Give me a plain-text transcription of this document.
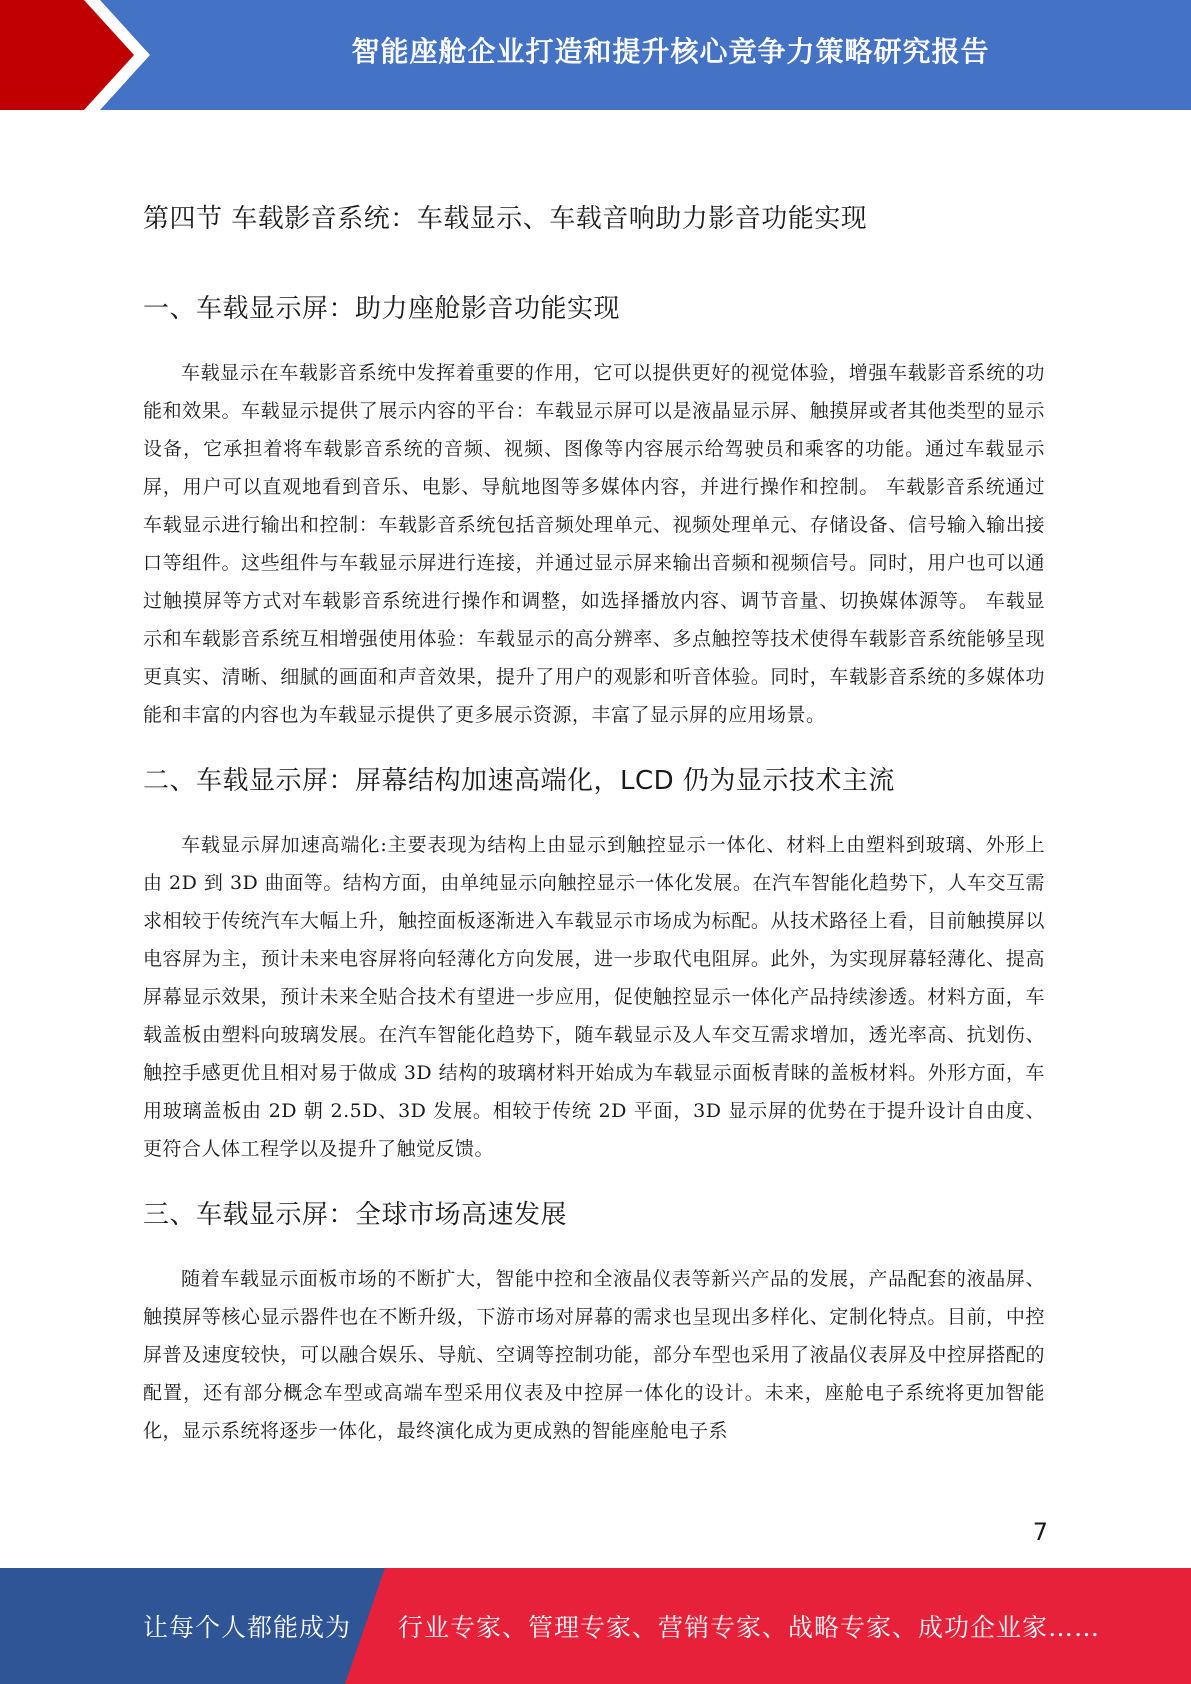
智能座舱企业打造和提升核心竞争力策略研究报告
第四节 车载影音系统：车载显示、车载音响助力影音功能实现
一、车载显示屏：助力座舱影音功能实现

车载显示在车载影音系统中发挥着重要的作用，它可以提供更好的视觉体验，增强车载影音系统的功能和效果。车载显示提供了展示内容的平台：车载显示屏可以是液晶显示屏、触摸屏或者其他类型的显示设备，它承担着将车载影音系统的音频、视频、图像等内容展示给驾驶员和乘客的功能。通过车载显示屏，用户可以直观地看到音乐、电影、导航地图等多媒体内容，并进行操作和控制。 车载影音系统通过车载显示进行输出和控制：车载影音系统包括音频处理单元、视频处理单元、存储设备、信号输入输出接口等组件。这些组件与车载显示屏进行连接，并通过显示屏来输出音频和视频信号。同时，用户也可以通过触摸屏等方式对车载影音系统进行操作和调整，如选择播放内容、调节音量、切换媒体源等。 车载显示和车载影音系统互相增强使用体验：车载显示的高分辨率、多点触控等技术使得车载影音系统能够呈现更真实、清晰、细腻的画面和声音效果，提升了用户的观影和听音体验。同时，车载影音系统的多媒体功能和丰富的内容也为车载显示提供了更多展示资源，丰富了显示屏的应用场景。

二、车载显示屏：屏幕结构加速高端化，LCD 仍为显示技术主流

车载显示屏加速高端化:主要表现为结构上由显示到触控显示一体化、材料上由塑料到玻璃、外形上由 2D 到 3D 曲面等。结构方面，由单纯显示向触控显示一体化发展。在汽车智能化趋势下，人车交互需求相较于传统汽车大幅上升，触控面板逐渐进入车载显示市场成为标配。从技术路径上看，目前触摸屏以电容屏为主，预计未来电容屏将向轻薄化方向发展，进一步取代电阻屏。此外，为实现屏幕轻薄化、提高屏幕显示效果，预计未来全贴合技术有望进一步应用，促使触控显示一体化产品持续渗透。材料方面，车载盖板由塑料向玻璃发展。在汽车智能化趋势下，随车载显示及人车交互需求增加，透光率高、抗划伤、触控手感更优且相对易于做成 3D 结构的玻璃材料开始成为车载显示面板青睐的盖板材料。外形方面，车用玻璃盖板由 2D 朝 2.5D、3D 发展。相较于传统 2D 平面，3D 显示屏的优势在于提升设计自由度、更符合人体工程学以及提升了触觉反馈。

三、车载显示屏：全球市场高速发展

随着车载显示面板市场的不断扩大，智能中控和全液晶仪表等新兴产品的发展，产品配套的液晶屏、触摸屏等核心显示器件也在不断升级，下游市场对屏幕的需求也呈现出多样化、定制化特点。目前，中控屏普及速度较快，可以融合娱乐、导航、空调等控制功能，部分车型也采用了液晶仪表屏及中控屏搭配的配置，还有部分概念车型或高端车型采用仪表及中控屏一体化的设计。未来，座舱电子系统将更加智能化，显示系统将逐步一体化，最终演化成为更成熟的智能座舱电子系

7
让每个人都能成为 行业专家、管理专家、营销专家、战略专家、成功企业家……
